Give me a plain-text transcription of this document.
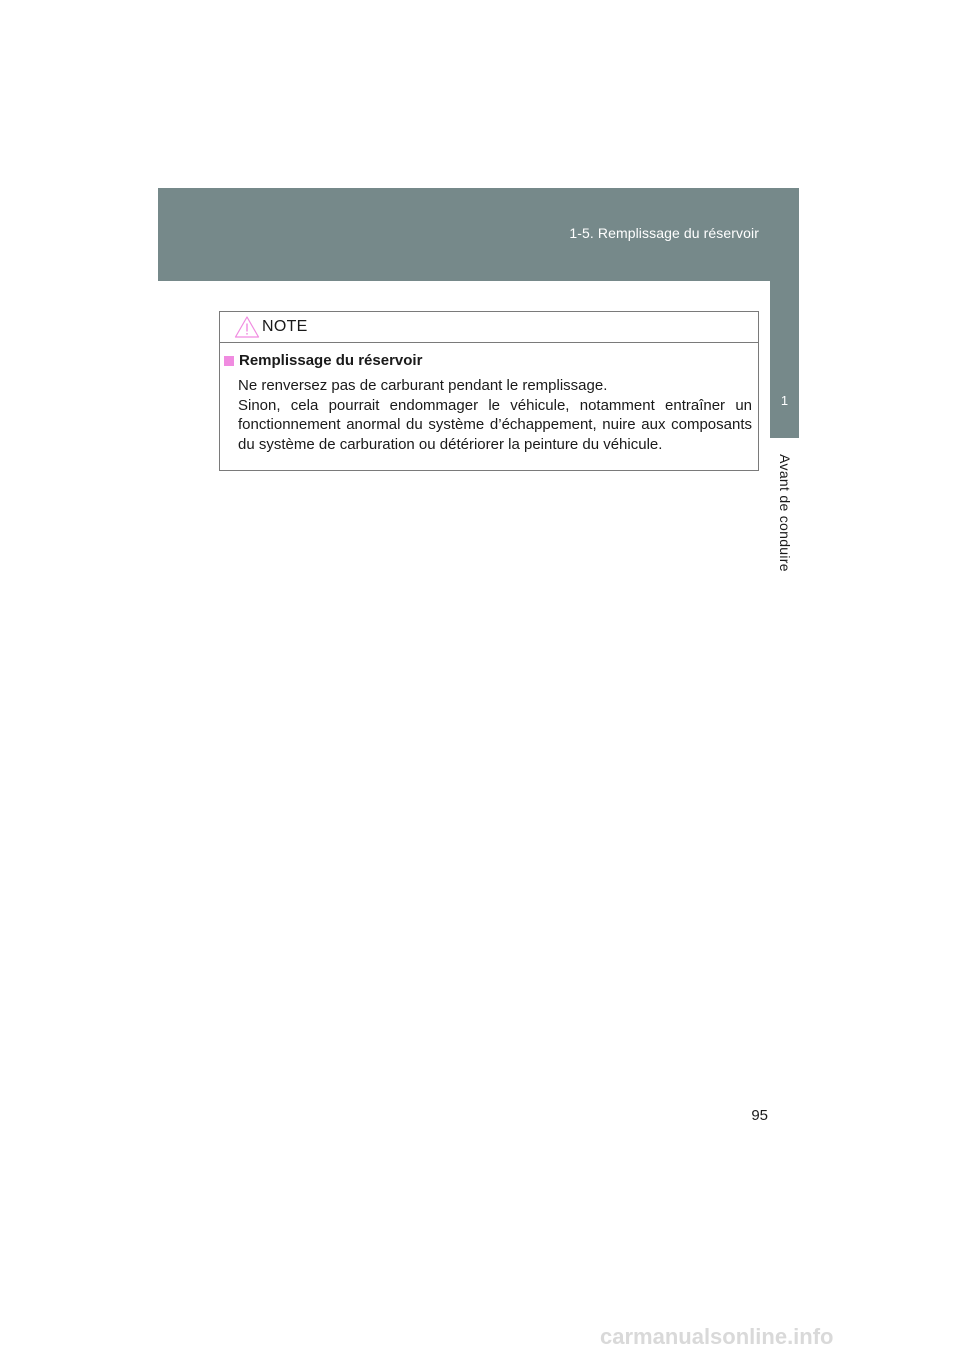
1-5. Remplissage du réservoir
1
Avant de conduire
NOTE
Remplissage du réservoir

Ne renversez pas de carburant pendant le remplissage.

Sinon, cela pourrait endommager le véhicule, notamment entraîner un fonctionnement anormal du système d’échappement, nuire aux composants du système de carburation ou détériorer la peinture du véhicule.

95
carmanualsonline.info
